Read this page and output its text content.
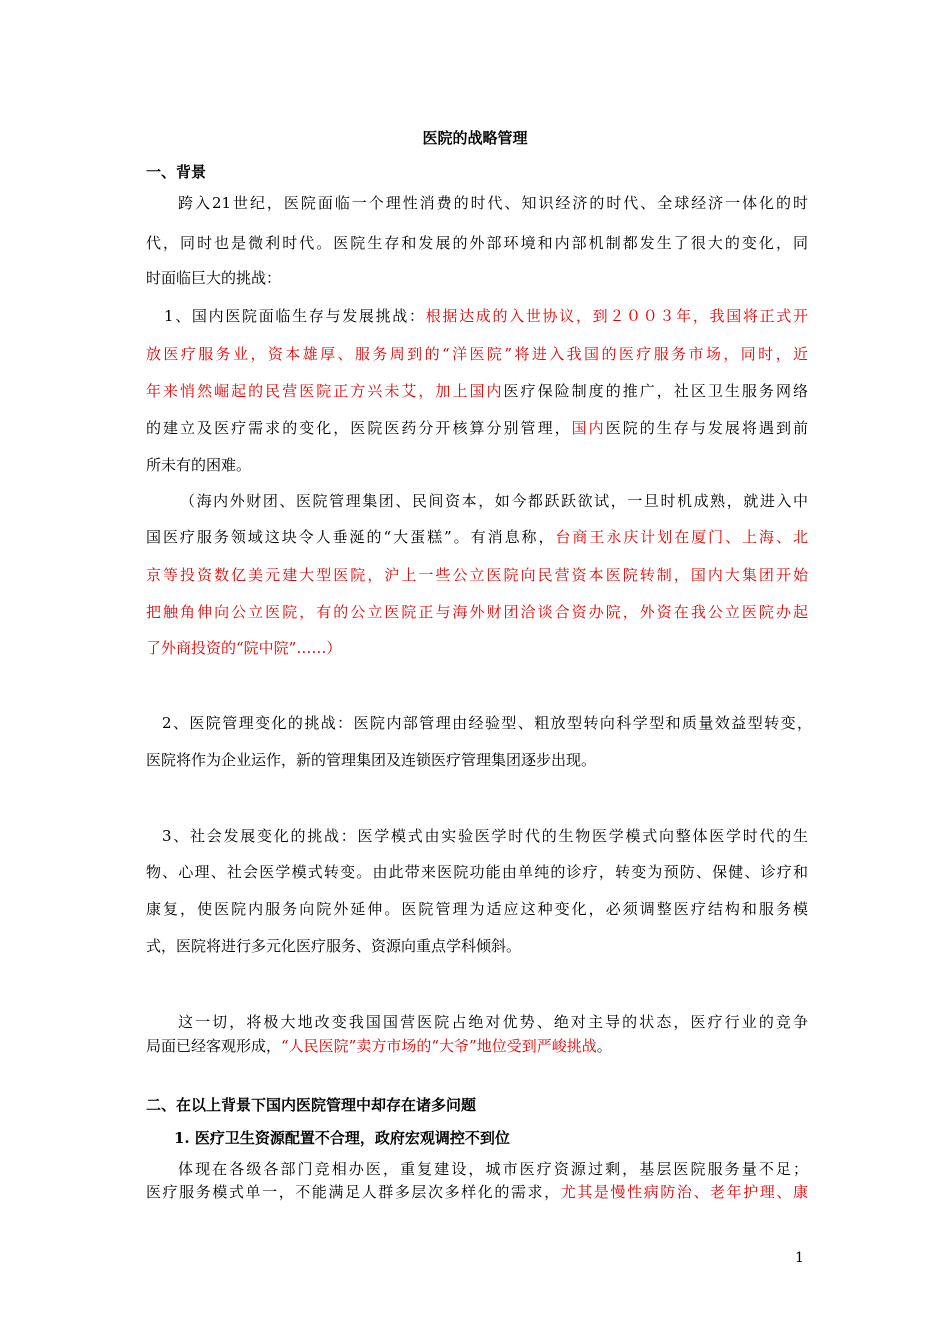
医院的战略管理
一、背景
跨入21世纪，医院面临一个理性消费的时代、知识经济的时代、全球经济一体化的时
代，同时也是微利时代。医院生存和发展的外部环境和内部机制都发生了很大的变化，同
时面临巨大的挑战：
1、国内医院面临生存与发展挑战：根据达成的入世协议，到２００３年，我国将正式开
放医疗服务业，资本雄厚、服务周到的“洋医院”将进入我国的医疗服务市场，同时，近
年来悄然崛起的民营医院正方兴未艾，加上国内医疗保险制度的推广，社区卫生服务网络
的建立及医疗需求的变化，医院医药分开核算分别管理，国内医院的生存与发展将遇到前
所未有的困难。
（海内外财团、医院管理集团、民间资本，如今都跃跃欲试，一旦时机成熟，就进入中
国医疗服务领域这块令人垂涎的“大蛋糕”。有消息称，台商王永庆计划在厦门、上海、北
京等投资数亿美元建大型医院，沪上一些公立医院向民营资本医院转制，国内大集团开始
把触角伸向公立医院，有的公立医院正与海外财团洽谈合资办院，外资在我公立医院办起
了外商投资的“院中院”……）
2、医院管理变化的挑战：医院内部管理由经验型、粗放型转向科学型和质量效益型转变，
医院将作为企业运作，新的管理集团及连锁医疗管理集团逐步出现。
3、社会发展变化的挑战：医学模式由实验医学时代的生物医学模式向整体医学时代的生
物、心理、社会医学模式转变。由此带来医院功能由单纯的诊疗，转变为预防、保健、诊疗和
康复，使医院内服务向院外延伸。医院管理为适应这种变化，必须调整医疗结构和服务模
式，医院将进行多元化医疗服务、资源向重点学科倾斜。
这一切，将极大地改变我国国营医院占绝对优势、绝对主导的状态，医疗行业的竞争
局面已经客观形成，“人民医院”卖方市场的“大爷”地位受到严峻挑战。
二、在以上背景下国内医院管理中却存在诸多问题
1. 医疗卫生资源配置不合理，政府宏观调控不到位
体现在各级各部门竞相办医，重复建设，城市医疗资源过剩，基层医院服务量不足；
医疗服务模式单一，不能满足人群多层次多样化的需求，尤其是慢性病防治、老年护理、康
1
